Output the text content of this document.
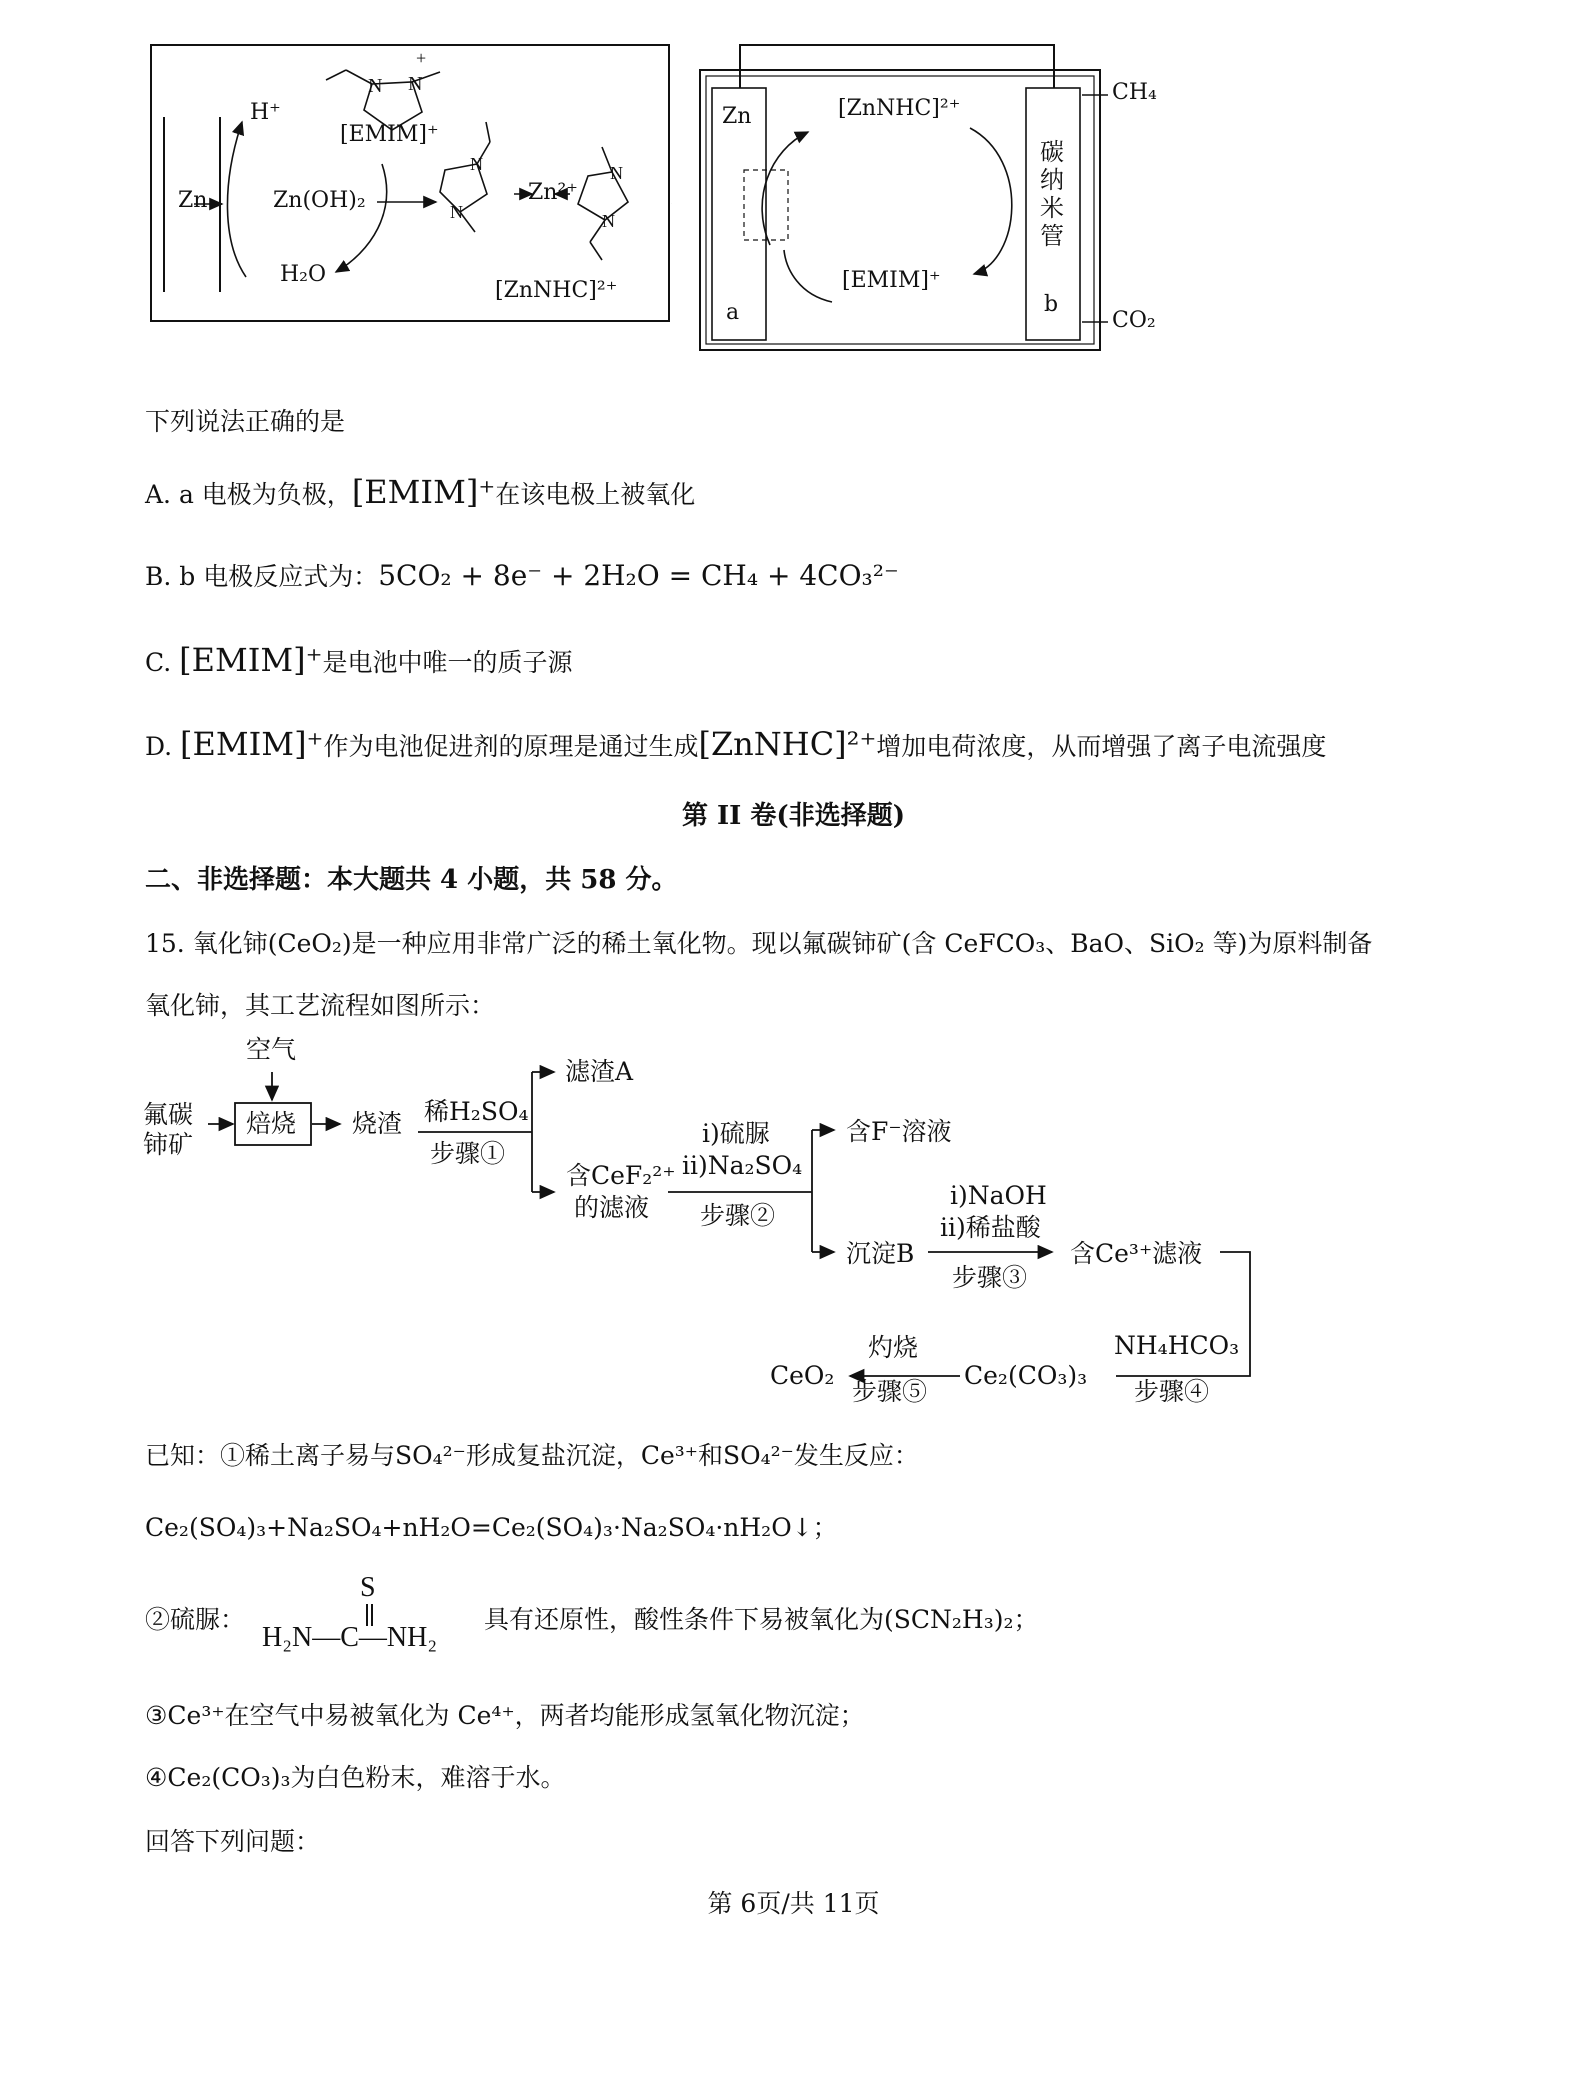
N N
+
N
N
N
N
H⁺
[EMIM]⁺
Zn	Zn(OH)₂	Zn²⁺
H₂O
[ZnNHC]²⁺
Zn
a
[ZnNHC]²⁺
[EMIM]⁺
碳
纳
米
管
b
CH₄
CO₂
下列说法正确的是
A. a 电极为负极，[EMIM]⁺在该电极上被氧化
B. b 电极反应式为：5CO₂ + 8e⁻ + 2H₂O = CH₄ + 4CO₃²⁻
C. [EMIM]⁺是电池中唯一的质子源
D. [EMIM]⁺作为电池促进剂的原理是通过生成[ZnNHC]²⁺增加电荷浓度，从而增强了离子电流强度
第 II 卷(非选择题)
二、非选择题：本大题共 4 小题，共 58 分。
15. 氧化铈(CeO₂)是一种应用非常广泛的稀土氧化物。现以氟碳铈矿(含 CeFCO₃、BaO、SiO₂ 等)为原料制备
氧化铈，其工艺流程如图所示：
氟碳
铈矿
空气
焙烧 烧渣 稀H₂SO₄
步骤①
滤渣A
含CeF₂²⁺
的滤液
i)硫脲
ii)Na₂SO₄
步骤②
含F⁻溶液
沉淀B
i)NaOH
ii)稀盐酸
步骤③
含Ce³⁺滤液
NH₄HCO₃
步骤④
Ce₂(CO₃)₃
灼烧
步骤⑤
CeO₂
已知：①稀土离子易与SO₄²⁻形成复盐沉淀，Ce³⁺和SO₄²⁻发生反应：
Ce₂(SO₄)₃+Na₂SO₄+nH₂O=Ce₂(SO₄)₃·Na₂SO₄·nH₂O↓；
②硫脲：
S
H₂N—C—NH₂
具有还原性，酸性条件下易被氧化为(SCN₂H₃)₂；
③Ce³⁺在空气中易被氧化为 Ce⁴⁺，两者均能形成氢氧化物沉淀；
④Ce₂(CO₃)₃为白色粉末，难溶于水。
回答下列问题：
第 6页/共 11页
